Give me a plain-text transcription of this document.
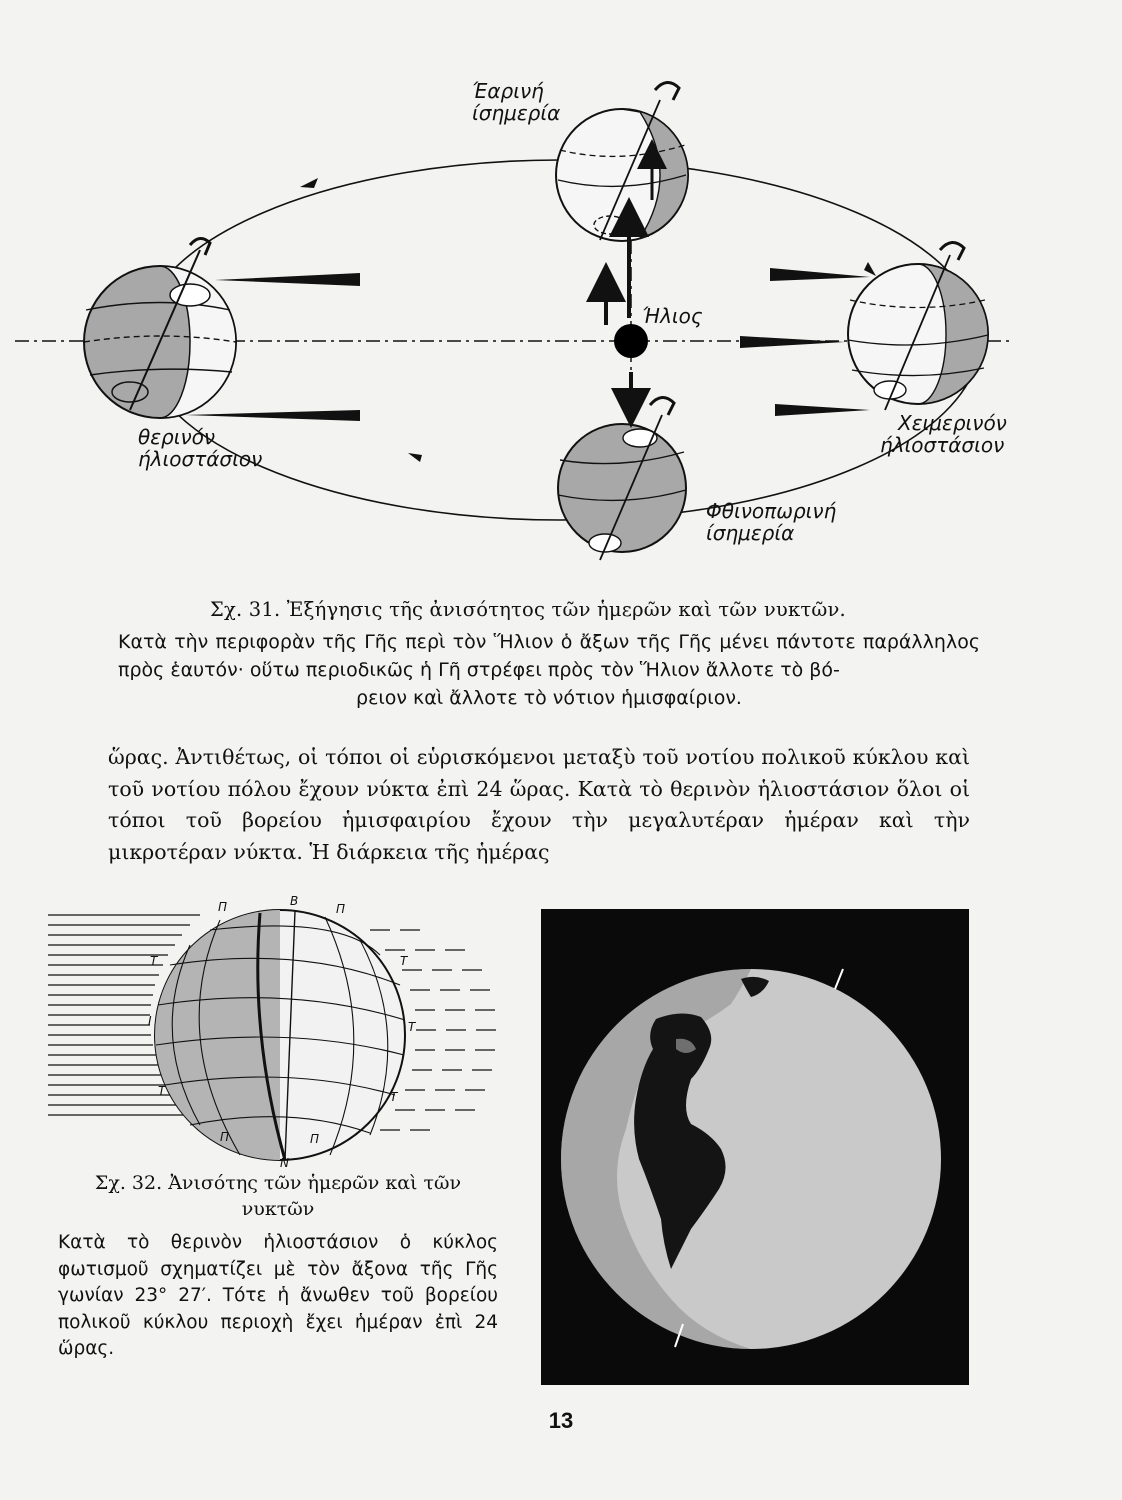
Έαρινή
ίσημερία
Ήλιος
θερινόν
ήλιοστάσιον
Χειμερινόν
ήλιοστάσιον
Φθινοπωρινή
ίσημερία
Σχ. 31. Ἐξήγησις τῆς ἀνισότητος τῶν ἡμερῶν καὶ τῶν νυκτῶν.
Κατὰ τὴν περιφορὰν τῆς Γῆς περὶ τὸν Ἥλιον ὁ ἄξων τῆς Γῆς μένει πάντοτε παράλληλος πρὸς ἑαυτόν· οὕτω περιοδικῶς ἡ Γῆ στρέφει πρὸς τὸν Ἥλιον ἄλλοτε τὸ βό-
ρειον καὶ ἄλλοτε τὸ νότιον ἡμισφαίριον.
ὥρας. Ἀντιθέτως, οἱ τόποι οἱ εὑρισκόμενοι μεταξὺ τοῦ νοτίου πολικοῦ κύκλου καὶ τοῦ νοτίου πόλου ἔχουν νύκτα ἐπὶ 24 ὥρας. Κατὰ τὸ θερινὸν ἡλιοστάσιον ὅλοι οἱ τόποι τοῦ βορείου ἡμισφαιρίου ἔχουν τὴν μεγαλυτέραν ἡμέραν καὶ τὴν μικροτέραν νύκτα. Ἡ διάρκεια τῆς ἡμέρας
Β
Π	Π
Τ	Τ
Ι	Τ
Τ	Τ
Π	Π
Ν
Σχ. 32. Ἀνισότης τῶν ἡμερῶν καὶ τῶν νυκτῶν
Κατὰ τὸ θερινὸν ἡλιοστάσιον ὁ κύκλος φωτισμοῦ σχηματίζει μὲ τὸν ἄξονα τῆς Γῆς γωνίαν 23° 27′. Τότε ἡ ἄνωθεν τοῦ βορείου πολικοῦ κύκλου περιοχὴ ἔχει ἡμέραν ἐπὶ 24 ὥρας.
13
